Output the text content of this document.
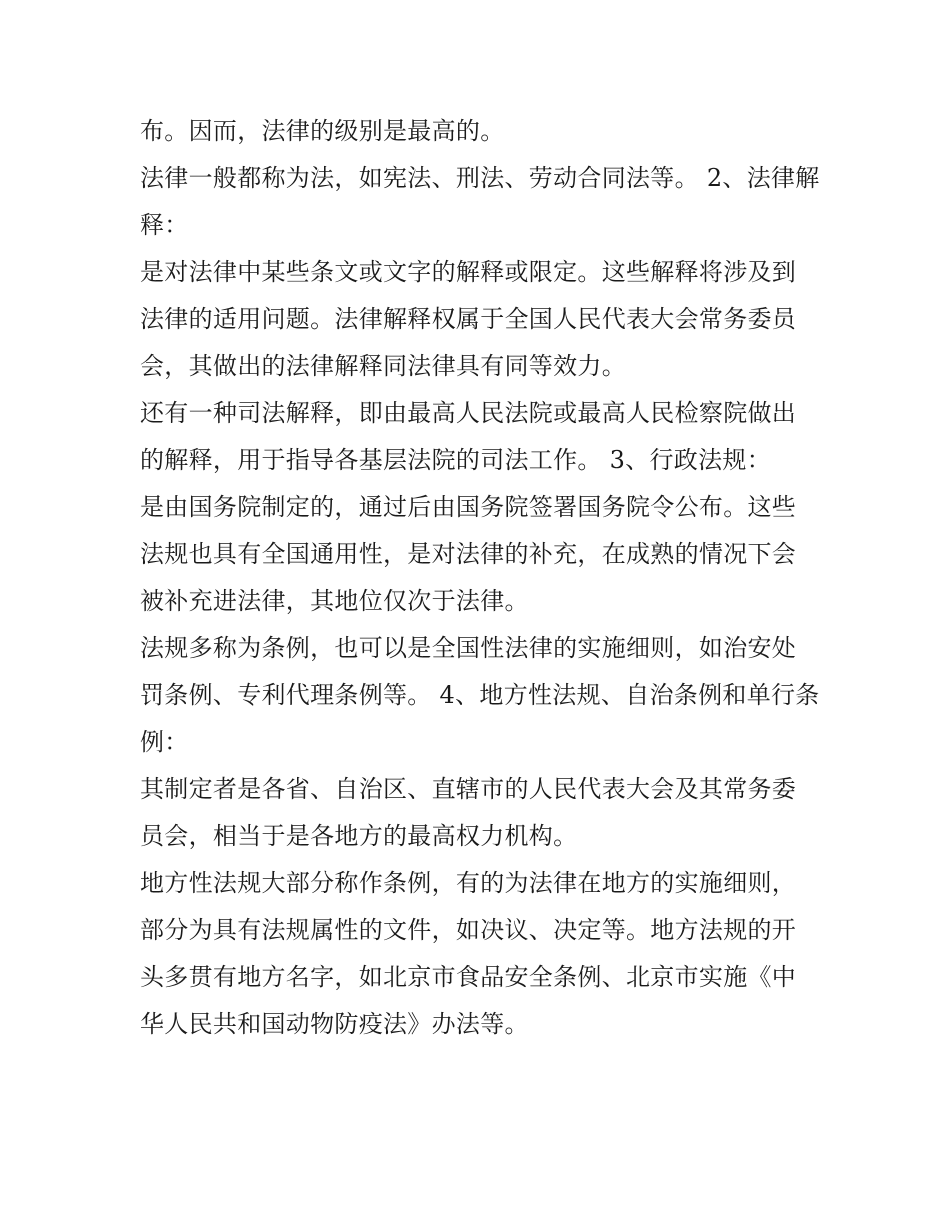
布。因而，法律的级别是最高的。

法律一般都称为法，如宪法、刑法、劳动合同法等。 2、法律解释：

是对法律中某些条文或文字的解释或限定。这些解释将涉及到法律的适用问题。法律解释权属于全国人民代表大会常务委员会，其做出的法律解释同法律具有同等效力。

还有一种司法解释，即由最高人民法院或最高人民检察院做出的解释，用于指导各基层法院的司法工作。 3、行政法规：

是由国务院制定的，通过后由国务院签署国务院令公布。这些法规也具有全国通用性，是对法律的补充，在成熟的情况下会被补充进法律，其地位仅次于法律。

法规多称为条例，也可以是全国性法律的实施细则，如治安处罚条例、专利代理条例等。 4、地方性法规、自治条例和单行条例：

其制定者是各省、自治区、直辖市的人民代表大会及其常务委员会，相当于是各地方的最高权力机构。

地方性法规大部分称作条例，有的为法律在地方的实施细则，部分为具有法规属性的文件，如决议、决定等。地方法规的开头多贯有地方名字，如北京市食品安全条例、北京市实施《中华人民共和国动物防疫法》办法等。
